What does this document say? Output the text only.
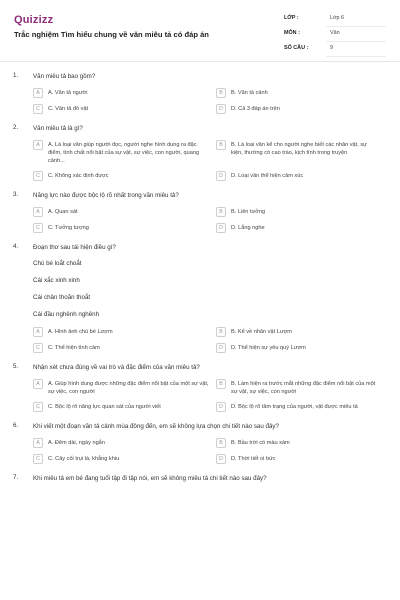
Quizizz
Trắc nghiệm Tìm hiểu chung về văn miêu tả có đáp án
LỚP :	Lớp 6
MÔN :	Văn
SỐ CÂU :	9
1. Văn miêu tả bao gồm?
A	A. Văn tả người	B	B. Văn tả cảnh
C	C. Văn tả đồ vật	D	D. Cả 3 đáp án trên
2. Văn miêu tả là gì?
A	A. Là loại văn giúp người đọc, người nghe hình dung ra đặc điểm, tính chất nổi bật của sự vật, sự việc, con người, quang cảnh...
B	B. Là loại văn kể cho người nghe biết các nhân vật, sự kiện, thường có cao trào, kịch tính trong truyện
C	C. Không xác định được	D	D. Loại văn thể hiện cảm xúc
3. Năng lực nào được bộc lộ rõ nhất trong văn miêu tả?
A	A. Quan sát	B	B. Liên tưởng
C	C. Tưởng tượng	D	D. Lắng nghe
4. Đoạn thơ sau tái hiện điều gì?
Chú bé loắt choắt
Cái xắc xinh xinh
Cái chân thoăn thoắt
Cái đầu nghênh nghênh
A	A. Hình ảnh chú bé Lượm	B	B. Kể về nhân vật Lượm
C	C. Thể hiện tình cảm	D	D. Thể hiện sự yêu quý Lượm
5. Nhận xét chưa đúng về vai trò và đặc điểm của văn miêu tả?
A	A. Giúp hình dung được những đặc điểm nổi bật của một sự vật, sự việc, con người
B	B. Làm hiện ra trước mắt những đặc điểm nổi bật của một sự vật, sự việc, con người
C	C. Bộc lộ rõ năng lực quan sát của người viết	D	D. Bộc lộ rõ tâm trạng của người, vật được miêu tả
6. Khi viết một đoạn văn tả cảnh mùa đông đến, em sẽ không lựa chọn chi tiết nào sau đây?
A	A. Đêm dài, ngày ngắn	B	B. Bầu trời có màu xám
C	C. Cây cối trụi lá, khẳng khiu	D	D. Thời tiết oi bức
7. Khi miêu tả em bé đang tuổi tập đi tập nói, em sẽ không miêu tả chi tiết nào sau đây?
